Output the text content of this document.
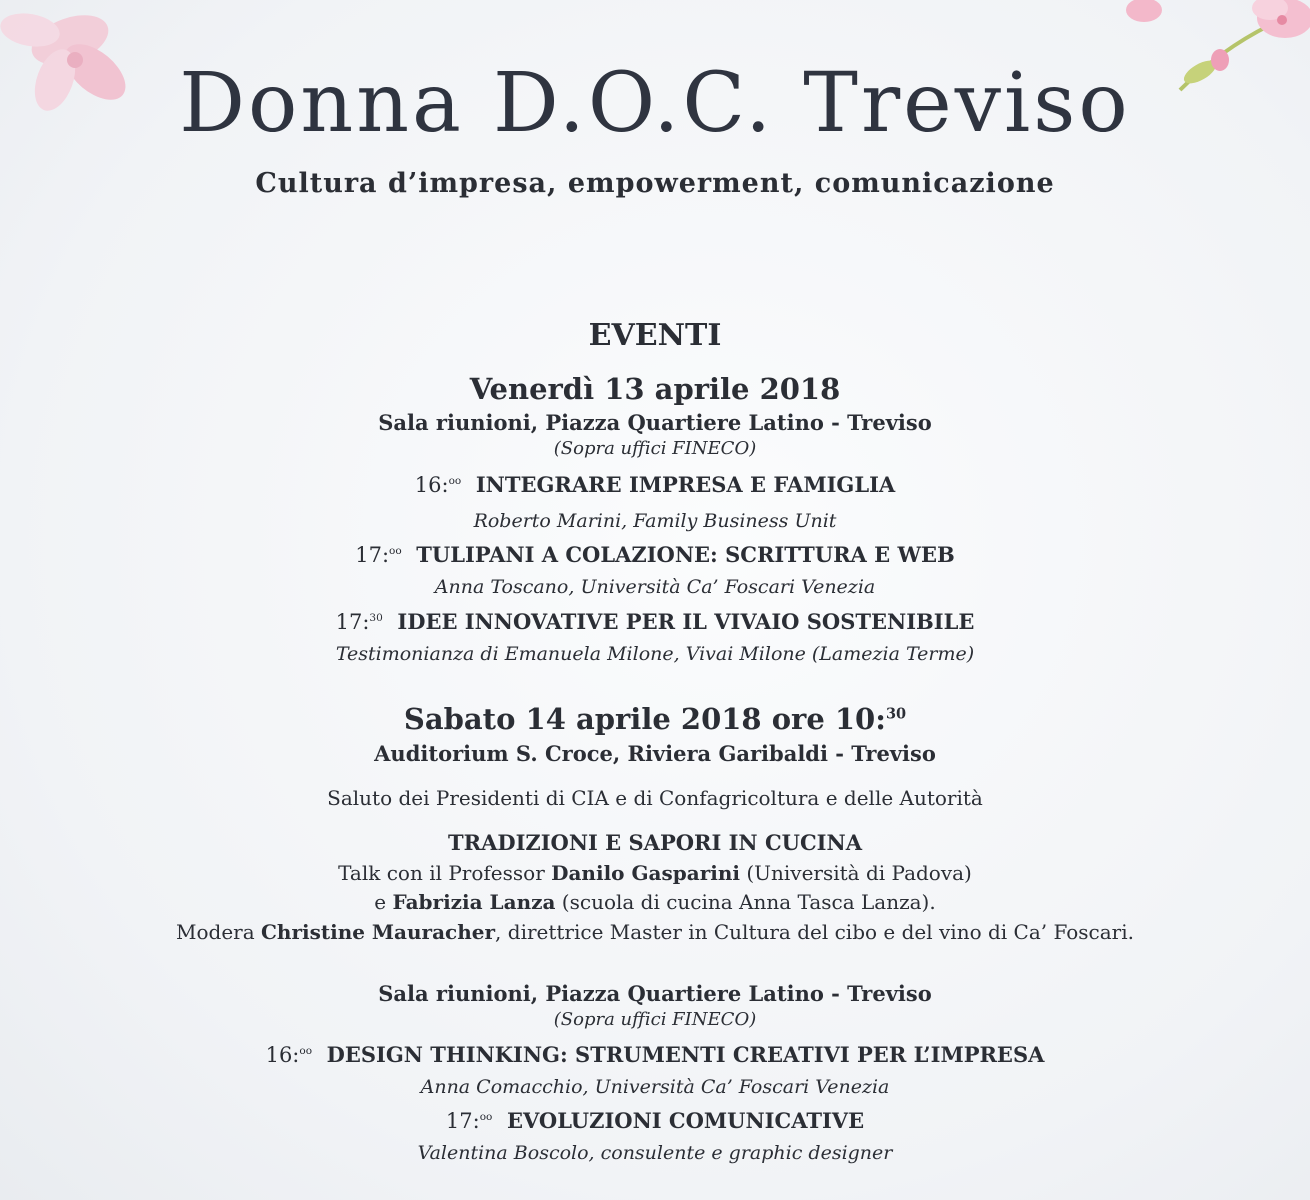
Donna D.O.C. Treviso
Cultura d’impresa, empowerment, comunicazione
EVENTI
Venerdì 13 aprile 2018
Sala riunioni, Piazza Quartiere Latino - Treviso
(Sopra uffici FINECO)
16:$^{oo}$ INTEGRARE IMPRESA E FAMIGLIA
Roberto Marini, Family Business Unit
17:$^{oo}$ TULIPANI A COLAZIONE: SCRITTURA E WEB
Anna Toscano, Università Ca’ Foscari Venezia
17:$^{30}$ IDEE INNOVATIVE PER IL VIVAIO SOSTENIBILE
Testimonianza di Emanuela Milone, Vivai Milone (Lamezia Terme)
Sabato 14 aprile 2018 ore 10:$^{30}$
Auditorium S. Croce, Riviera Garibaldi - Treviso
Saluto dei Presidenti di CIA e di Confagricoltura e delle Autorità
TRADIZIONI E SAPORI IN CUCINA
Talk con il Professor Danilo Gasparini (Università di Padova)
e Fabrizia Lanza (scuola di cucina Anna Tasca Lanza).
Modera Christine Mauracher, direttrice Master in Cultura del cibo e del vino di Ca’ Foscari.
Sala riunioni, Piazza Quartiere Latino - Treviso
(Sopra uffici FINECO)
16:$^{oo}$ DESIGN THINKING: STRUMENTI CREATIVI PER L’IMPRESA
Anna Comacchio, Università Ca’ Foscari Venezia
17:$^{oo}$ EVOLUZIONI COMUNICATIVE
Valentina Boscolo, consulente e graphic designer
